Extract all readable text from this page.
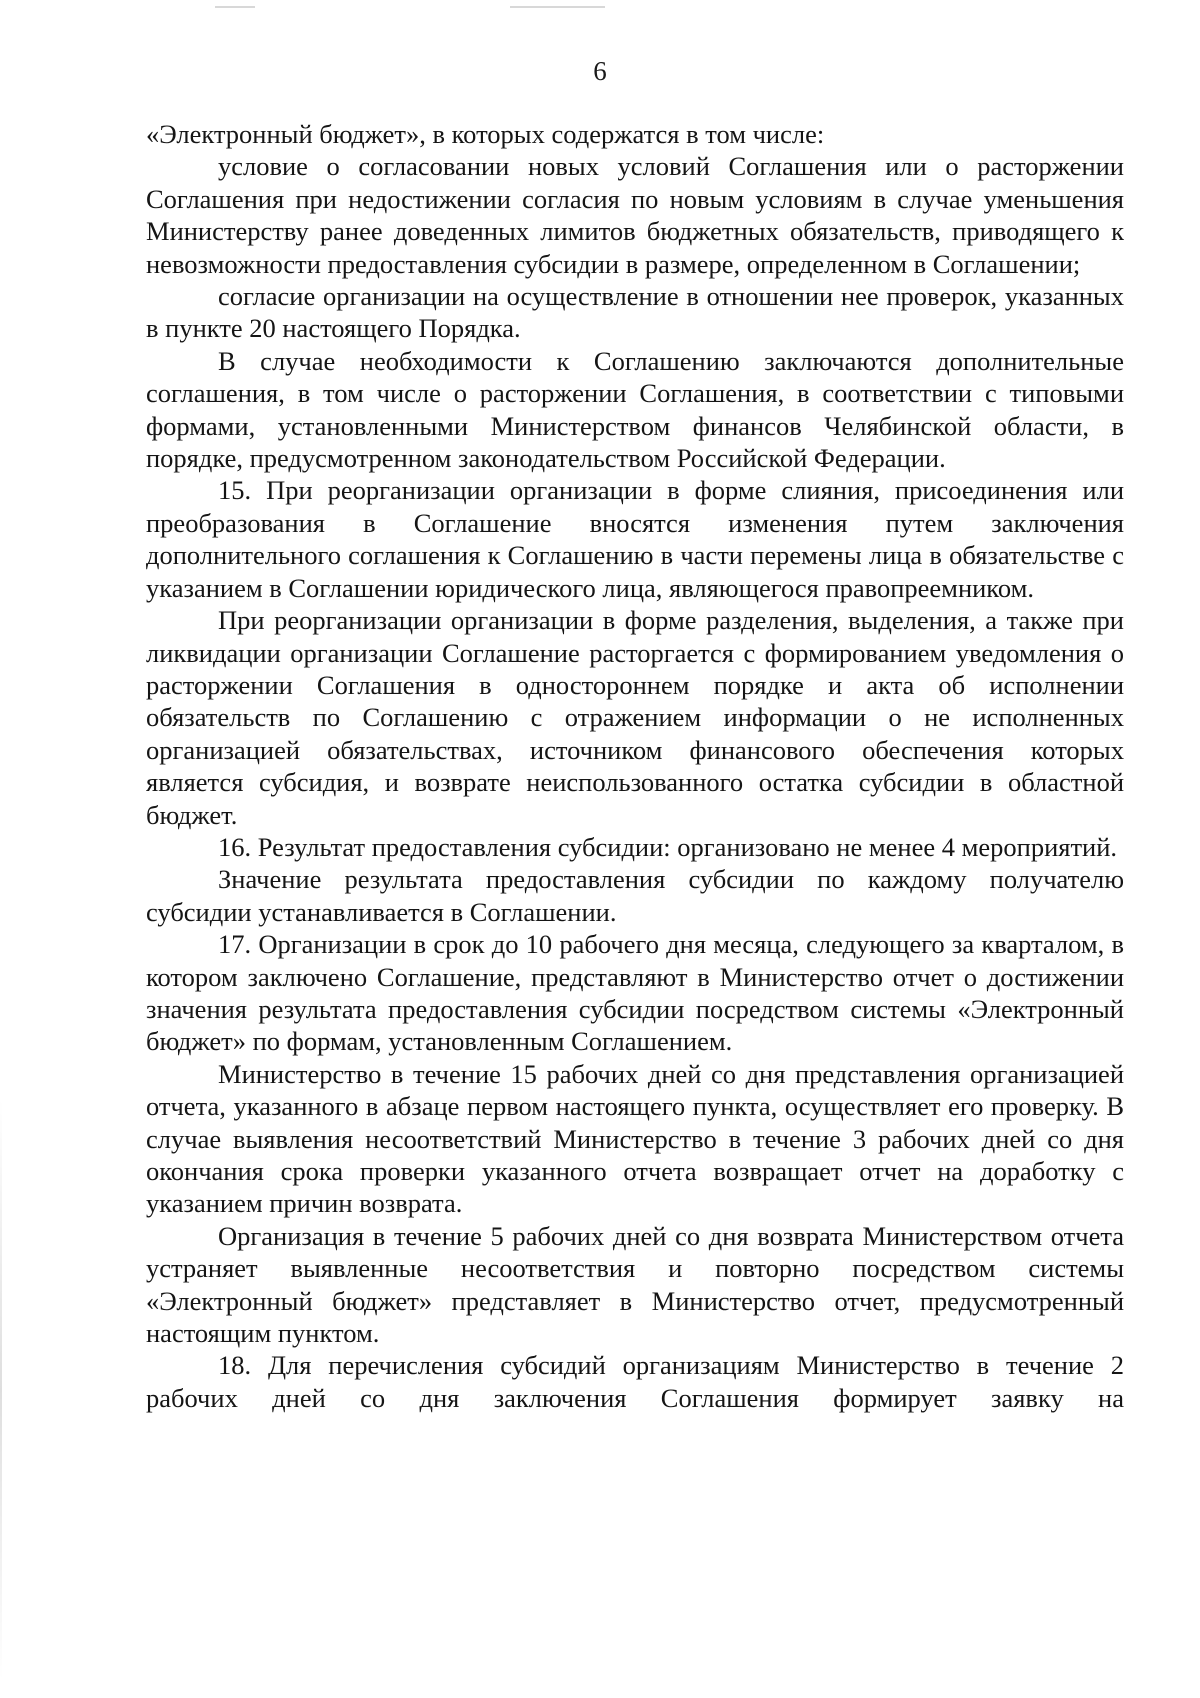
6

«Электронный бюджет», в которых содержатся в том числе:

условие о согласовании новых условий Соглашения или о расторжении Соглашения при недостижении согласия по новым условиям в случае уменьшения Министерству ранее доведенных лимитов бюджетных обязательств, приводящего к невозможности предоставления субсидии в размере, определенном в Соглашении;

согласие организации на осуществление в отношении нее проверок, указанных в пункте 20 настоящего Порядка.

В случае необходимости к Соглашению заключаются дополнительные соглашения, в том числе о расторжении Соглашения, в соответствии с типовыми формами, установленными Министерством финансов Челябинской области, в порядке, предусмотренном законодательством Российской Федерации.

15. При реорганизации организации в форме слияния, присоединения или преобразования в Соглашение вносятся изменения путем заключения дополнительного соглашения к Соглашению в части перемены лица в обязательстве с указанием в Соглашении юридического лица, являющегося правопреемником.

При реорганизации организации в форме разделения, выделения, а также при ликвидации организации Соглашение расторгается с формированием уведомления о расторжении Соглашения в одностороннем порядке и акта об исполнении обязательств по Соглашению с отражением информации о не исполненных организацией обязательствах, источником финансового обеспечения которых является субсидия, и возврате неиспользованного остатка субсидии в областной бюджет.

16. Результат предоставления субсидии: организовано не менее 4 мероприятий.

Значение результата предоставления субсидии по каждому получателю субсидии устанавливается в Соглашении.

17. Организации в срок до 10 рабочего дня месяца, следующего за кварталом, в котором заключено Соглашение, представляют в Министерство отчет о достижении значения результата предоставления субсидии посредством системы «Электронный бюджет» по формам, установленным Соглашением.

Министерство в течение 15 рабочих дней со дня представления организацией отчета, указанного в абзаце первом настоящего пункта, осуществляет его проверку. В случае выявления несоответствий Министерство в течение 3 рабочих дней со дня окончания срока проверки указанного отчета возвращает отчет на доработку с указанием причин возврата.

Организация в течение 5 рабочих дней со дня возврата Министерством отчета устраняет выявленные несоответствия и повторно посредством системы «Электронный бюджет» представляет в Министерство отчет, предусмотренный настоящим пунктом.

18. Для перечисления субсидий организациям Министерство в течение 2 рабочих дней со дня заключения Соглашения формирует заявку на
